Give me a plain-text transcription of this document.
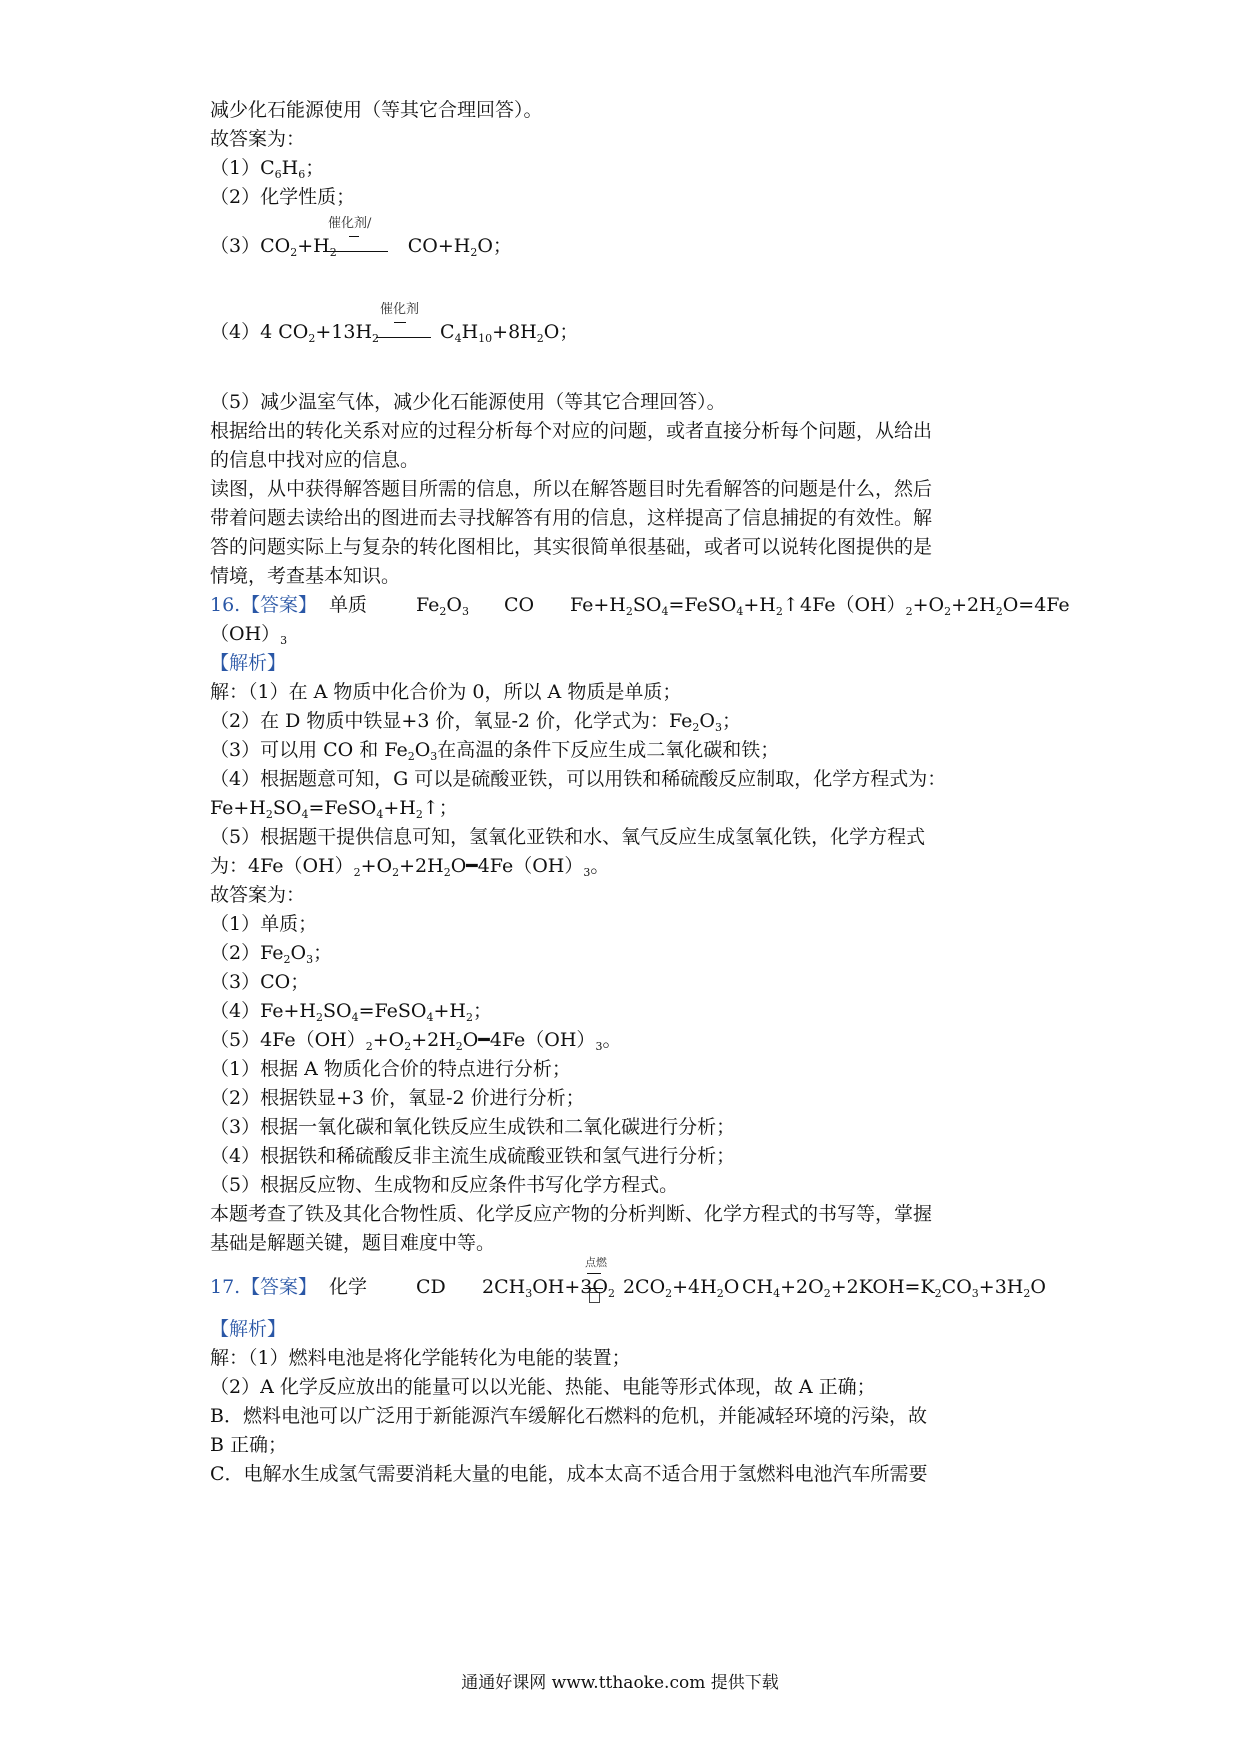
减少化石能源使用（等其它合理回答）。
故答案为：
$(1)C_6H_6$；
（2）化学性质；
催化剂/
$(3)CO_2+H_2$	$CO+H_2O$；
催化剂
（4）4 $CO_2+13H_2$	$C_4H_{10}+8H_2O$；
（5）减少温室气体，减少化石能源使用（等其它合理回答）。
根据给出的转化关系对应的过程分析每个对应的问题，或者直接分析每个问题，从给出
的信息中找对应的信息。
读图，从中获得解答题目所需的信息，所以在解答题目时先看解答的问题是什么，然后
带着问题去读给出的图进而去寻找解答有用的信息，这样提高了信息捕捉的有效性。解
答的问题实际上与复杂的转化图相比，其实很简单很基础，或者可以说转化图提供的是
情境，考查基本知识。
16. 【答案】 单质	$Fe_2O_3$ CO $Fe+H_2SO_4=FeSO_4+H_2↑$ $4Fe(OH)_2+O_2+2H_2O=4Fe$
$(OH)_3$
【解析】
解：（1）在 A 物质中化合价为 0，所以 A 物质是单质；
（2）在 D 物质中铁显+3 价，氧显-2 价，化学式为：$Fe_2O_3$；
（3）可以用 CO 和 $Fe_2O_3$在高温的条件下反应生成二氧化碳和铁；
（4）根据题意可知，G 可以是硫酸亚铁，可以用铁和稀硫酸反应制取，化学方程式为：
$Fe+H_2SO_4=FeSO_4+H_2↑$；
（5）根据题干提供信息可知，氢氧化亚铁和水、氧气反应生成氢氧化铁，化学方程式
为：$4Fe(OH)_2+O_2+2H_2O━4Fe(OH)_3$。
故答案为：
（1）单质；
$(2)Fe_2O_3$；
（3）CO；
$(4)Fe+H_2SO_4=FeSO_4+H_2$；
$(5)4Fe(OH)_2+O_2+2H_2O━4Fe(OH)_3$。
（1）根据 A 物质化合价的特点进行分析；
（2）根据铁显+3 价，氧显-2 价进行分析；
（3）根据一氧化碳和氧化铁反应生成铁和二氧化碳进行分析；
（4）根据铁和稀硫酸反非主流生成硫酸亚铁和氢气进行分析；
（5）根据反应物、生成物和反应条件书写化学方程式。
本题考查了铁及其化合物性质、化学反应产物的分析判断、化学方程式的书写等，掌握
基础是解题关键，题目难度中等。
17. 【答案】 化学	CD
点燃
$2CH_3OH+3O_2$ $2CO_2+4H_2O$ $CH_4+2O_2+2KOH=K_2CO_3+3H_2O$
【解析】
解：（1）燃料电池是将化学能转化为电能的装置；
（2）A 化学反应放出的能量可以以光能、热能、电能等形式体现，故 A 正确；
B．燃料电池可以广泛用于新能源汽车缓解化石燃料的危机，并能减轻环境的污染，故
B 正确；
C．电解水生成氢气需要消耗大量的电能，成本太高不适合用于氢燃料电池汽车所需要
通通好课网 www.tthaoke.com 提供下载
